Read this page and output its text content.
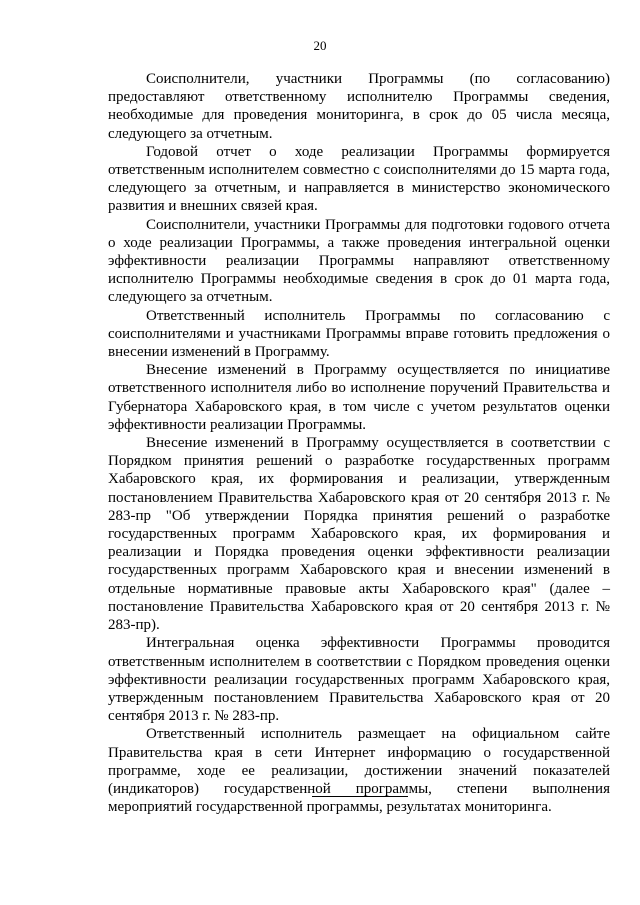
20

Соисполнители, участники Программы (по согласованию) предоставляют ответственному исполнителю Программы сведения, необходимые для проведения мониторинга, в срок до 05 числа месяца, следующего за отчетным.

Годовой отчет о ходе реализации Программы формируется ответственным исполнителем совместно с соисполнителями до 15 марта года, следующего за отчетным, и направляется в министерство экономического развития и внешних связей края.

Соисполнители, участники Программы для подготовки годового отчета о ходе реализации Программы, а также проведения интегральной оценки эффективности реализации Программы направляют ответственному исполнителю Программы необходимые сведения в срок до 01 марта года, следующего за отчетным.

Ответственный исполнитель Программы по согласованию с соисполнителями и участниками Программы вправе готовить предложения о внесении изменений в Программу.

Внесение изменений в Программу осуществляется по инициативе ответственного исполнителя либо во исполнение поручений Правительства и Губернатора Хабаровского края, в том числе с учетом результатов оценки эффективности реализации Программы.

Внесение изменений в Программу осуществляется в соответствии с Порядком принятия решений о разработке государственных программ Хабаровского края, их формирования и реализации, утвержденным постановлением Правительства Хабаровского края от 20 сентября 2013 г. № 283-пр "Об утверждении Порядка принятия решений о разработке государственных программ Хабаровского края, их формирования и реализации и Порядка проведения оценки эффективности реализации государственных программ Хабаровского края и внесении изменений в отдельные нормативные правовые акты Хабаровского края" (далее – постановление Правительства Хабаровского края от 20 сентября 2013 г. № 283-пр).

Интегральная оценка эффективности Программы проводится ответственным исполнителем в соответствии с Порядком проведения оценки эффективности реализации государственных программ Хабаровского края, утвержденным постановлением Правительства Хабаровского края от 20 сентября 2013 г. № 283-пр.

Ответственный исполнитель размещает на официальном сайте Правительства края в сети Интернет информацию о государственной программе, ходе ее реализации, достижении значений показателей (индикаторов) государственной программы, степени выполнения мероприятий государственной программы, результатах мониторинга.
